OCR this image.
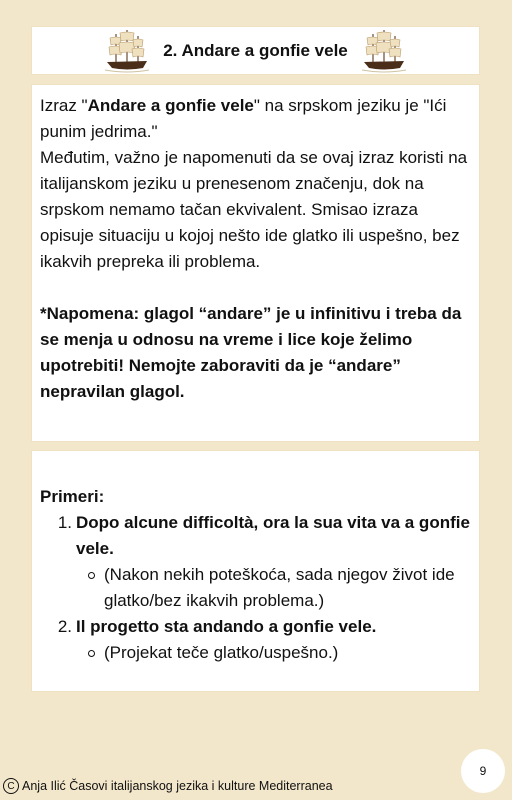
2. Andare a gonfie vele

Izraz "Andare a gonfie vele" na srpskom jeziku je "Ići punim jedrima."

Međutim, važno je napomenuti da se ovaj izraz koristi na italijanskom jeziku u prenesenom značenju, dok na srpskom nemamo tačan ekvivalent. Smisao izraza opisuje situaciju u kojoj nešto ide glatko ili uspešno, bez ikakvih prepreka ili problema.

*Napomena: glagol “andare” je u infinitivu i treba da se menja u odnosu na vreme i lice koje želimo upotrebiti! Nemojte zaboraviti da je “andare” nepravilan glagol.

Primeri:
1. Dopo alcune difficoltà, ora la sua vita va a gonfie vele.
(Nakon nekih poteškoća, sada njegov život ide glatko/bez ikakvih problema.)
2. Il progetto sta andando a gonfie vele.
(Projekat teče glatko/uspešno.)
9
C Anja Ilić Časovi italijanskog jezika i kulture Mediterranea
